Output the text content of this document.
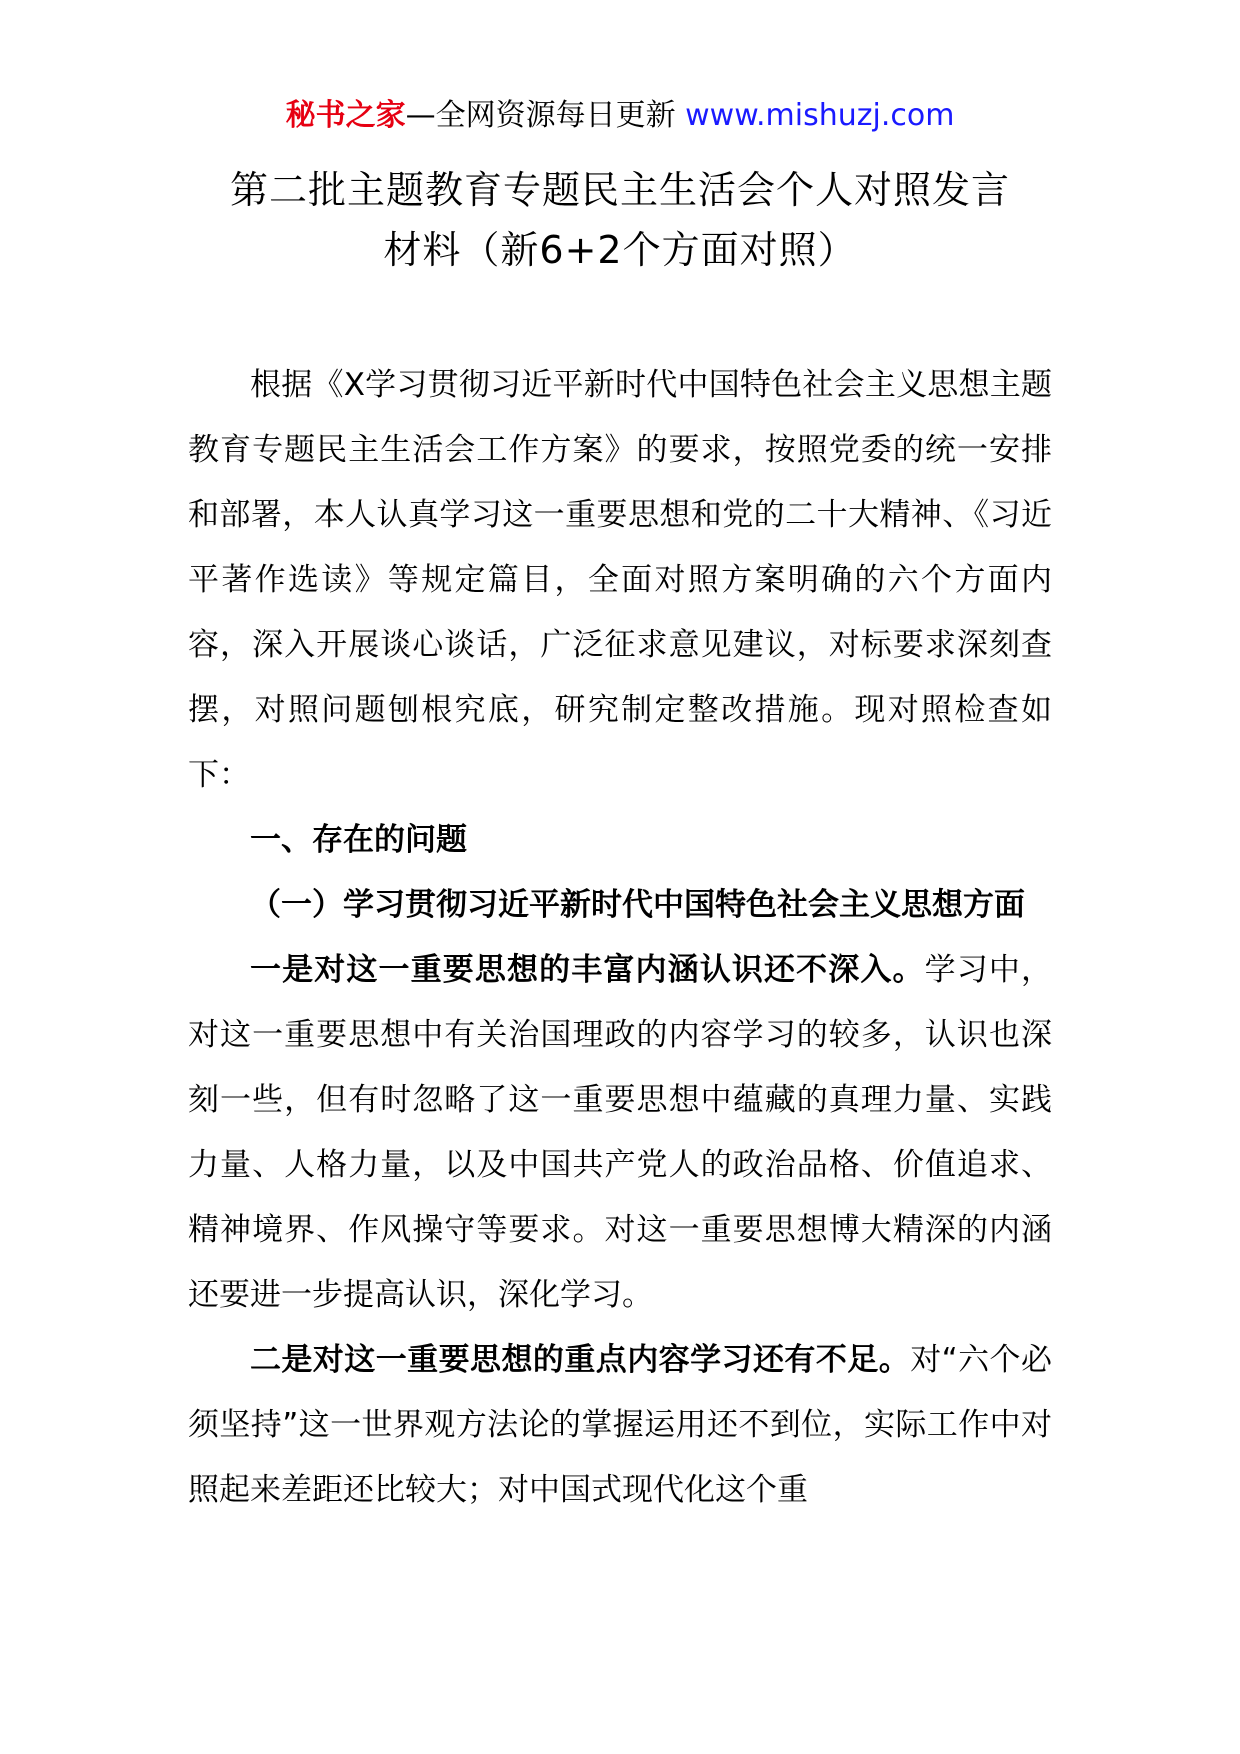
秘书之家—全网资源每日更新 www.mishuzj.com
第二批主题教育专题民主生活会个人对照发言
材料（新6+2个方面对照）

根据《X学习贯彻习近平新时代中国特色社会主义思想主题教育专题民主生活会工作方案》的要求，按照党委的统一安排和部署，本人认真学习这一重要思想和党的二十大精神、《习近平著作选读》等规定篇目，全面对照方案明确的六个方面内容，深入开展谈心谈话，广泛征求意见建议，对标要求深刻查摆，对照问题刨根究底，研究制定整改措施。现对照检查如下：

一、存在的问题

（一）学习贯彻习近平新时代中国特色社会主义思想方面

一是对这一重要思想的丰富内涵认识还不深入。学习中，对这一重要思想中有关治国理政的内容学习的较多，认识也深刻一些，但有时忽略了这一重要思想中蕴藏的真理力量、实践力量、人格力量，以及中国共产党人的政治品格、价值追求、精神境界、作风操守等要求。对这一重要思想博大精深的内涵还要进一步提高认识，深化学习。

二是对这一重要思想的重点内容学习还有不足。对“六个必须坚持”这一世界观方法论的掌握运用还不到位，实际工作中对照起来差距还比较大；对中国式现代化这个重
